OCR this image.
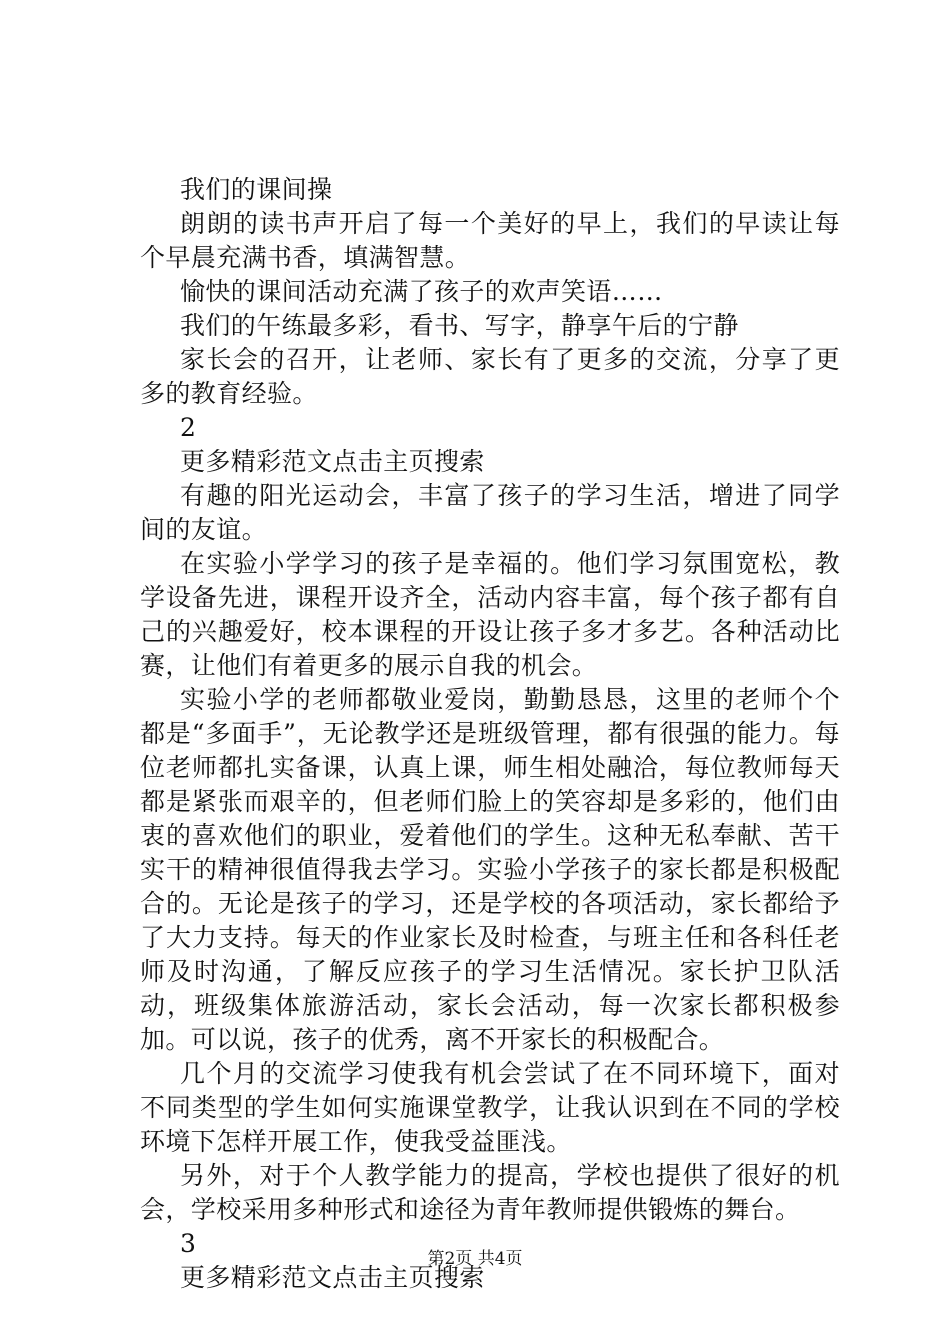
我们的课间操

朗朗的读书声开启了每一个美好的早上，我们的早读让每个早晨充满书香，填满智慧。

愉快的课间活动充满了孩子的欢声笑语……

我们的午练最多彩，看书、写字，静享午后的宁静

家长会的召开，让老师、家长有了更多的交流，分享了更多的教育经验。

2

更多精彩范文点击主页搜索

有趣的阳光运动会，丰富了孩子的学习生活，增进了同学间的友谊。

在实验小学学习的孩子是幸福的。他们学习氛围宽松，教学设备先进，课程开设齐全，活动内容丰富，每个孩子都有自己的兴趣爱好，校本课程的开设让孩子多才多艺。各种活动比赛，让他们有着更多的展示自我的机会。

实验小学的老师都敬业爱岗，勤勤恳恳，这里的老师个个都是“多面手”，无论教学还是班级管理，都有很强的能力。每位老师都扎实备课，认真上课，师生相处融洽，每位教师每天都是紧张而艰辛的，但老师们脸上的笑容却是多彩的，他们由衷的喜欢他们的职业，爱着他们的学生。这种无私奉献、苦干实干的精神很值得我去学习。实验小学孩子的家长都是积极配合的。无论是孩子的学习，还是学校的各项活动，家长都给予了大力支持。每天的作业家长及时检查，与班主任和各科任老师及时沟通，了解反应孩子的学习生活情况。家长护卫队活动，班级集体旅游活动，家长会活动，每一次家长都积极参加。可以说，孩子的优秀，离不开家长的积极配合。

几个月的交流学习使我有机会尝试了在不同环境下，面对不同类型的学生如何实施课堂教学，让我认识到在不同的学校环境下怎样开展工作，使我受益匪浅。

另外，对于个人教学能力的提高，学校也提供了很好的机会，学校采用多种形式和途径为青年教师提供锻炼的舞台。

3

更多精彩范文点击主页搜索

第2页 共4页
